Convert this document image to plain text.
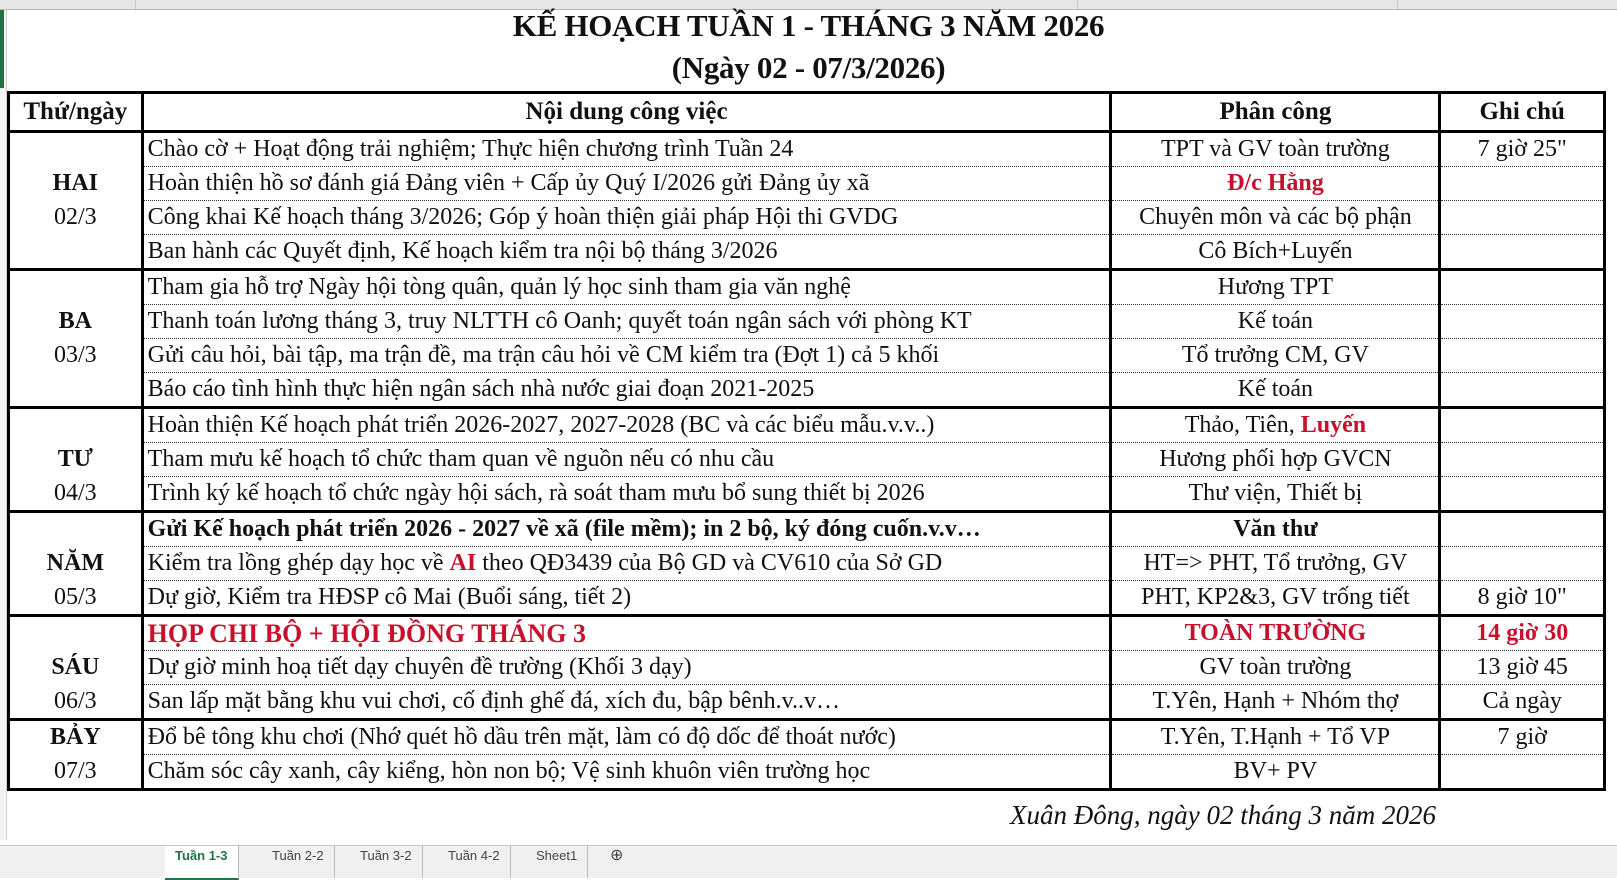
KẾ HOẠCH TUẦN 1 - THÁNG 3 NĂM 2026
(Ngày 02 - 07/3/2026)
Thứ/ngày	Nội dung công việc	Phân công	Ghi chú
	Chào cờ + Hoạt động trải nghiệm; Thực hiện chương trình Tuần 24	TPT và GV toàn trường	7 giờ 25"
HAI	Hoàn thiện hồ sơ đánh giá Đảng viên + Cấp ủy Quý I/2026 gửi Đảng ủy xã	Đ/c Hằng	
02/3	Công khai Kế hoạch tháng 3/2026; Góp ý hoàn thiện giải pháp Hội thi GVDG	Chuyên môn và các bộ phận	
	Ban hành các Quyết định, Kế hoạch kiểm tra nội bộ tháng 3/2026	Cô Bích+Luyến	
	Tham gia hỗ trợ Ngày hội tòng quân, quản lý học sinh tham gia văn nghệ	Hương TPT	
BA	Thanh toán lương tháng 3, truy NLTTH cô Oanh; quyết toán ngân sách với phòng KT	Kế toán	
03/3	Gửi câu hỏi, bài tập, ma trận đề, ma trận câu hỏi về CM kiểm tra (Đợt 1) cả 5 khối	Tổ trưởng CM, GV	
	Báo cáo tình hình thực hiện ngân sách nhà nước giai đoạn 2021-2025	Kế toán	
	Hoàn thiện Kế hoạch phát triển 2026-2027, 2027-2028 (BC và các biểu mẫu.v.v..)	Thảo, Tiên, Luyến	
TƯ	Tham mưu kế hoạch tổ chức tham quan về nguồn nếu có nhu cầu	Hương phối hợp GVCN	
04/3	Trình ký kế hoạch tổ chức ngày hội sách, rà soát tham mưu bổ sung thiết bị 2026	Thư viện, Thiết bị	
	Gửi Kế hoạch phát triển 2026 - 2027 về xã (file mềm); in 2 bộ, ký đóng cuốn.v.v…	Văn thư	
NĂM	Kiểm tra lồng ghép dạy học về AI theo QĐ3439 của Bộ GD và CV610 của Sở GD	HT=> PHT, Tổ trưởng, GV	
05/3	Dự giờ, Kiểm tra HĐSP cô Mai (Buổi sáng, tiết 2)	PHT, KP2&3, GV trống tiết	8 giờ 10"
	HỌP CHI BỘ + HỘI ĐỒNG THÁNG 3	TOÀN TRƯỜNG	14 giờ 30
SÁU	Dự giờ minh hoạ tiết dạy chuyên đề trường (Khối 3 dạy)	GV toàn trường	13 giờ 45
06/3	San lấp mặt bằng khu vui chơi, cố định ghế đá, xích đu, bập bênh.v..v…	T.Yên, Hạnh + Nhóm thợ	Cả ngày
BẢY	Đổ bê tông khu chơi (Nhớ quét hồ dầu trên mặt, làm có độ dốc để thoát nước)	T.Yên, T.Hạnh + Tổ VP	7 giờ
07/3	Chăm sóc cây xanh, cây kiểng, hòn non bộ; Vệ sinh khuôn viên trường học	BV+ PV	
Xuân Đông, ngày 02 tháng 3 năm 2026
Tuần 1-3	Tuần 2-2	Tuần 3-2	Tuần 4-2	Sheet1	⊕
